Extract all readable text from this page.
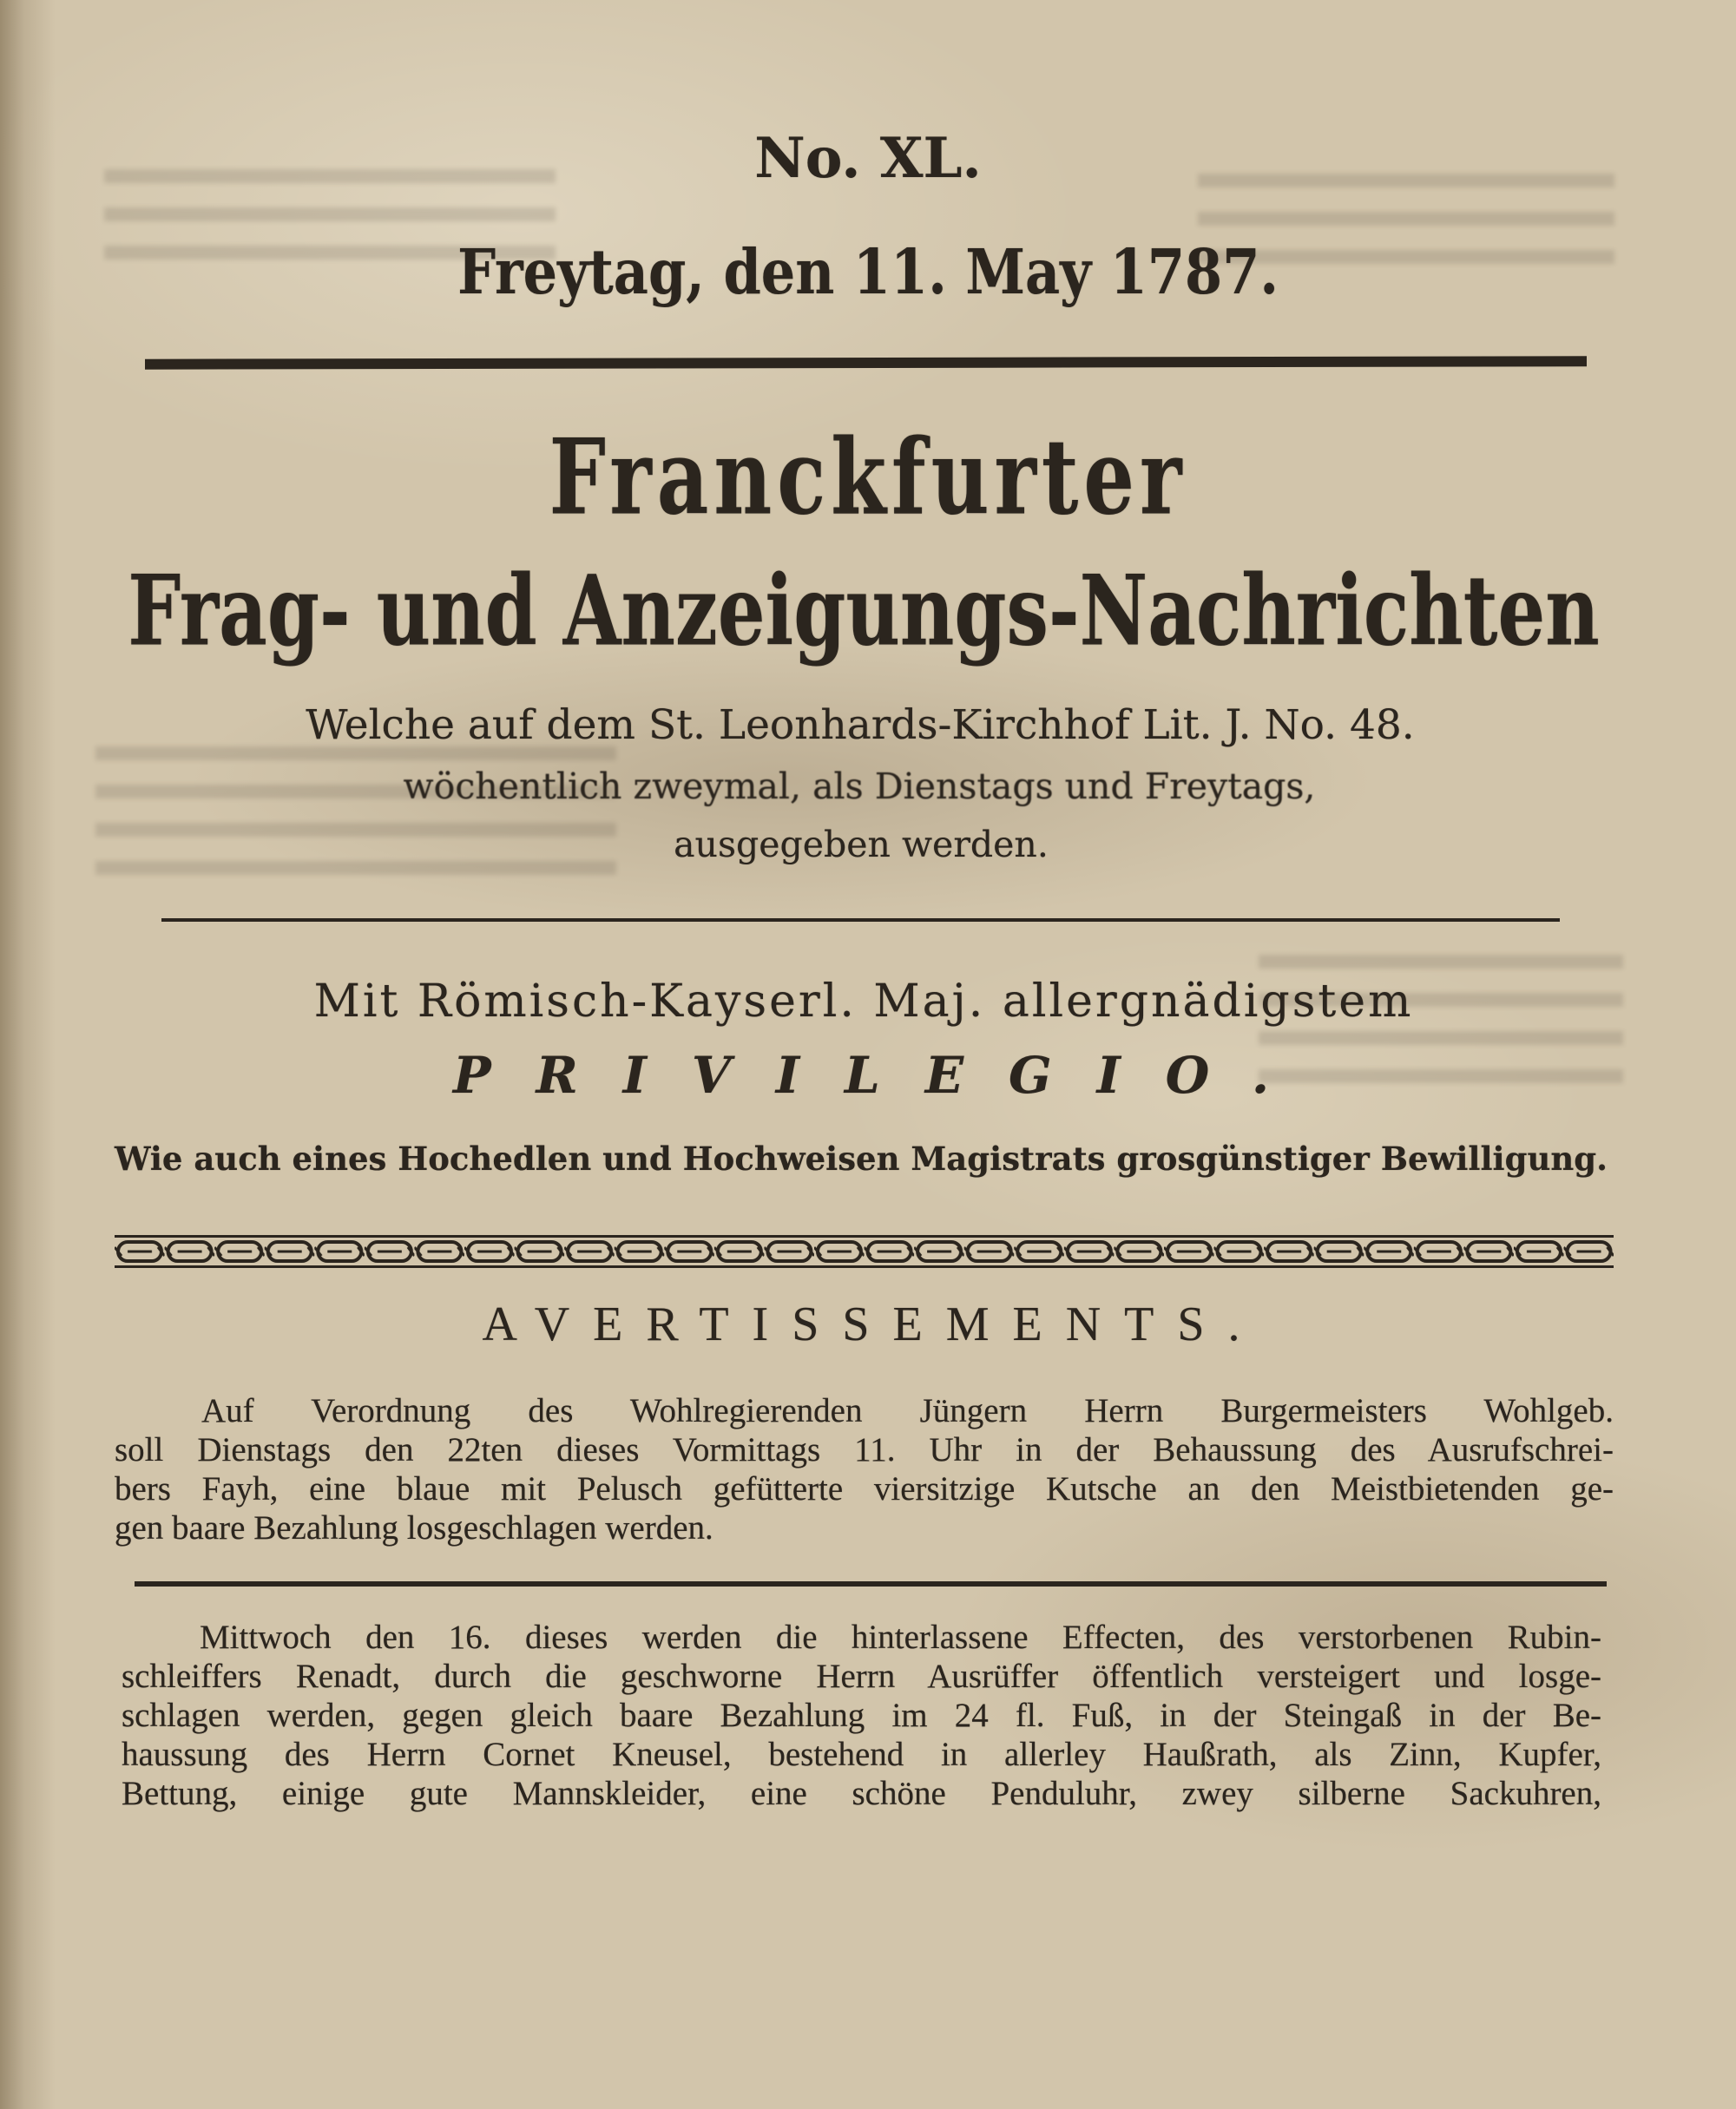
No. XL.
Freytag, den 11. May 1787.
Franckfurter
Frag- und Anzeigungs-Nachrichten
Welche auf dem St. Leonhards-Kirchhof Lit. J. No. 48.
wöchentlich zweymal, als Dienstags und Freytags,
ausgegeben werden.
Mit Römisch-Kayserl. Maj. allergnädigstem
PRIVILEGIO.
Wie auch eines Hochedlen und Hochweisen Magistrats grosgünstiger Bewilligung.
AVERTISSEMENTS.
Auf Verordnung des Wohlregierenden Jüngern Herrn Burgermeisters Wohlgeb.
soll Dienstags den 22ten dieses Vormittags 11. Uhr in der Behaussung des Ausrufschrei-
bers Fayh, eine blaue mit Pelusch gefütterte viersitzige Kutsche an den Meistbietenden ge-
gen baare Bezahlung losgeschlagen werden.
Mittwoch den 16. dieses werden die hinterlassene Effecten, des verstorbenen Rubin-
schleiffers Renadt, durch die geschworne Herrn Ausrüffer öffentlich versteigert und losge-
schlagen werden, gegen gleich baare Bezahlung im 24 fl. Fuß, in der Steingaß in der Be-
haussung des Herrn Cornet Kneusel, bestehend in allerley Haußrath, als Zinn, Kupfer,
Bettung, einige gute Mannskleider, eine schöne Penduluhr, zwey silberne Sackuhren,
